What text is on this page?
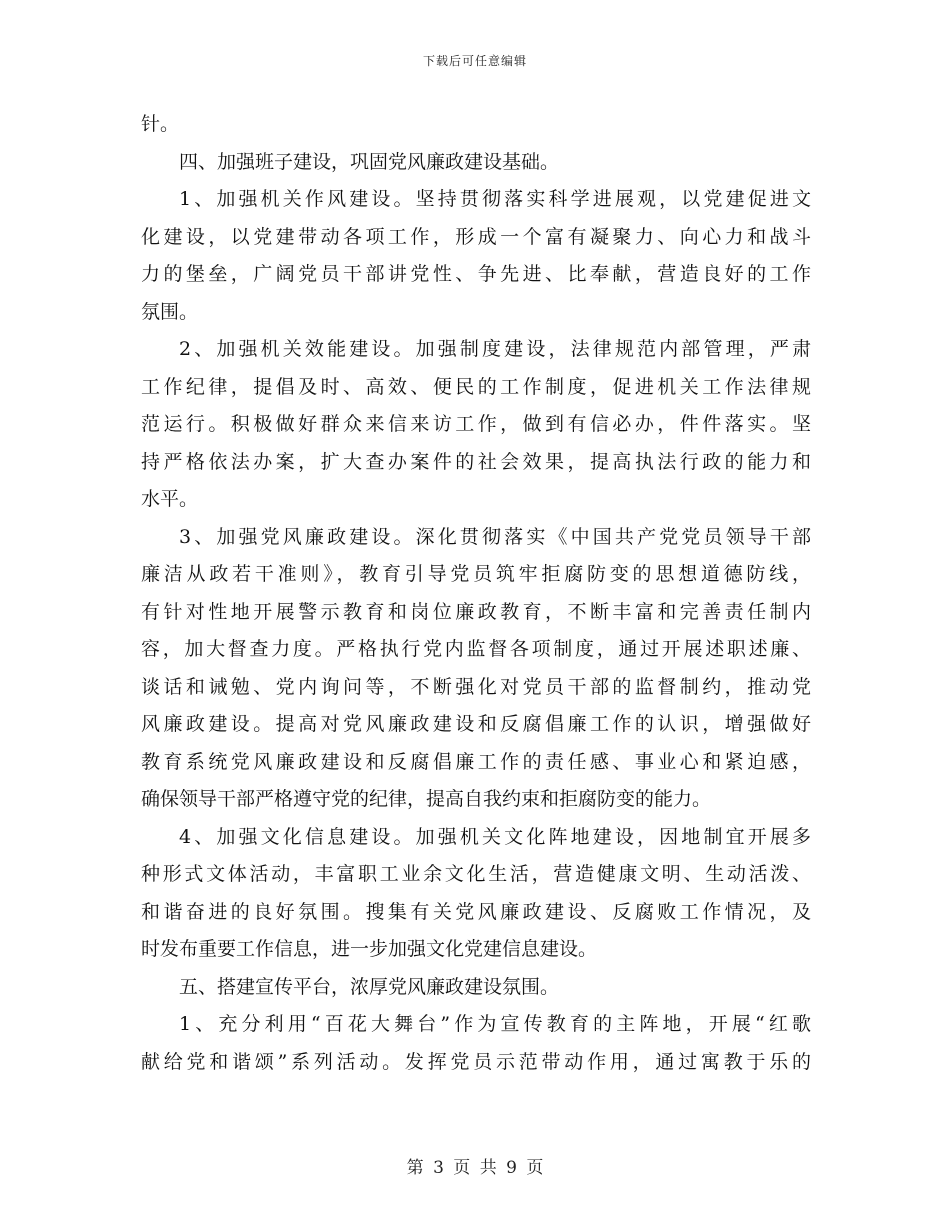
下载后可任意编辑
针。
四、加强班子建设，巩固党风廉政建设基础。
1、加强机关作风建设。坚持贯彻落实科学进展观，以党建促进文
化建设，以党建带动各项工作，形成一个富有凝聚力、向心力和战斗
力的堡垒，广阔党员干部讲党性、争先进、比奉献，营造良好的工作
氛围。
2、加强机关效能建设。加强制度建设，法律规范内部管理，严肃
工作纪律，提倡及时、高效、便民的工作制度，促进机关工作法律规
范运行。积极做好群众来信来访工作，做到有信必办，件件落实。坚
持严格依法办案，扩大查办案件的社会效果，提高执法行政的能力和
水平。
3、加强党风廉政建设。深化贯彻落实《中国共产党党员领导干部
廉洁从政若干准则》，教育引导党员筑牢拒腐防变的思想道德防线，
有针对性地开展警示教育和岗位廉政教育，不断丰富和完善责任制内
容，加大督查力度。严格执行党内监督各项制度，通过开展述职述廉、
谈话和诫勉、党内询问等，不断强化对党员干部的监督制约，推动党
风廉政建设。提高对党风廉政建设和反腐倡廉工作的认识，增强做好
教育系统党风廉政建设和反腐倡廉工作的责任感、事业心和紧迫感，
确保领导干部严格遵守党的纪律，提高自我约束和拒腐防变的能力。
4、加强文化信息建设。加强机关文化阵地建设，因地制宜开展多
种形式文体活动，丰富职工业余文化生活，营造健康文明、生动活泼、
和谐奋进的良好氛围。搜集有关党风廉政建设、反腐败工作情况，及
时发布重要工作信息，进一步加强文化党建信息建设。
五、搭建宣传平台，浓厚党风廉政建设氛围。
1、充分利用“百花大舞台”作为宣传教育的主阵地，开展“红歌
献给党和谐颂”系列活动。发挥党员示范带动作用，通过寓教于乐的
第 3 页 共 9 页
